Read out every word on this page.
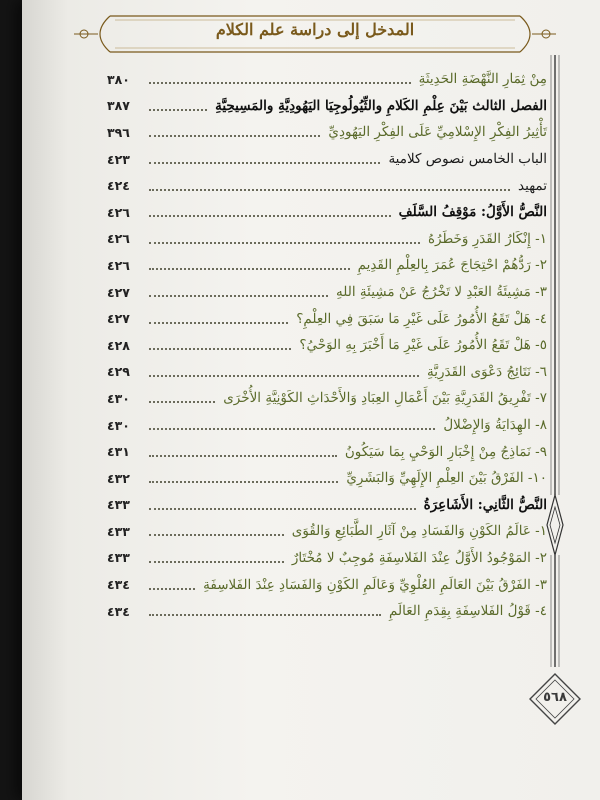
المدخل إلى دراسة علم الكلام
مِنْ ثِمَارِ النَّهْضَةِ الحَدِيثَةِ
٣٨٠
الفصل الثالث بَيْنَ عِلْمِ الكَلامِ والثِّيُولُوجِيَا اليَهُودِيَّةِ والمَسِيحِيَّةِ
٣٨٧
تَأْثِيرُ الفِكْرِ الإِسْلامِيِّ عَلَى الفِكْرِ اليَهُودِيِّ
٣٩٦
الباب الخامس نصوص كلامية
٤٢٣
تمهيد
٤٢٤
النَّصُّ الأَوَّلُ: مَوْقِفُ السَّلَفِ
٤٢٦
١- إِنْكَارُ القَدَرِ وَخَطَرُهُ
٤٢٦
٢- رَدُّهُمْ احْتِجَاجَ عُمَرَ بِالعِلْمِ القَدِيمِ
٤٢٦
٣- مَشِيئَةُ العَبْدِ لا تَخْرُجُ عَنْ مَشِيئَةِ اللهِ
٤٢٧
٤- هَلْ تَقَعُ الأُمُورُ عَلَى غَيْرِ مَا سَبَقَ فِي العِلْمِ؟
٤٢٧
٥- هَلْ تَقَعُ الأُمُورُ عَلَى غَيْرِ مَا أَخْبَرَ بِهِ الوَحْيُ؟
٤٢٨
٦- نَتَائِجُ دَعْوَى القَدَرِيَّةِ
٤٢٩
٧- تَفْرِيقُ القَدَرِيَّةِ بَيْنَ أَعْمَالِ العِبَادِ وَالأَحْدَاثِ الكَوْنِيَّةِ الأُخْرَى
٤٣٠
٨- الهِدَايَةُ وَالإِضْلالُ
٤٣٠
٩- نَمَاذِجُ مِنْ إِخْبَارِ الوَحْيِ بِمَا سَيَكُونُ
٤٣١
١٠- الفَرْقُ بَيْنَ العِلْمِ الإِلَهِيِّ وَالبَشَرِيِّ
٤٣٢
النَّصُّ الثَّانِي: الأَشَاعِرَةُ
٤٣٣
١- عَالَمُ الكَوْنِ وَالفَسَادِ مِنْ آثَارِ الطَّبَائِعِ وَالقُوَى
٤٣٣
٢- المَوْجُودُ الأَوَّلُ عِنْدَ الفَلاسِفَةِ مُوجِبٌ لا مُخْتَارٌ
٤٣٣
٣- الفَرْقُ بَيْنَ العَالَمِ العُلْوِيِّ وَعَالَمِ الكَوْنِ وَالفَسَادِ عِنْدَ الفَلاسِفَةِ
٤٣٤
٤- قَوْلُ الفَلاسِفَةِ بِقِدَمِ العَالَمِ
٤٣٤
٥٦٨
